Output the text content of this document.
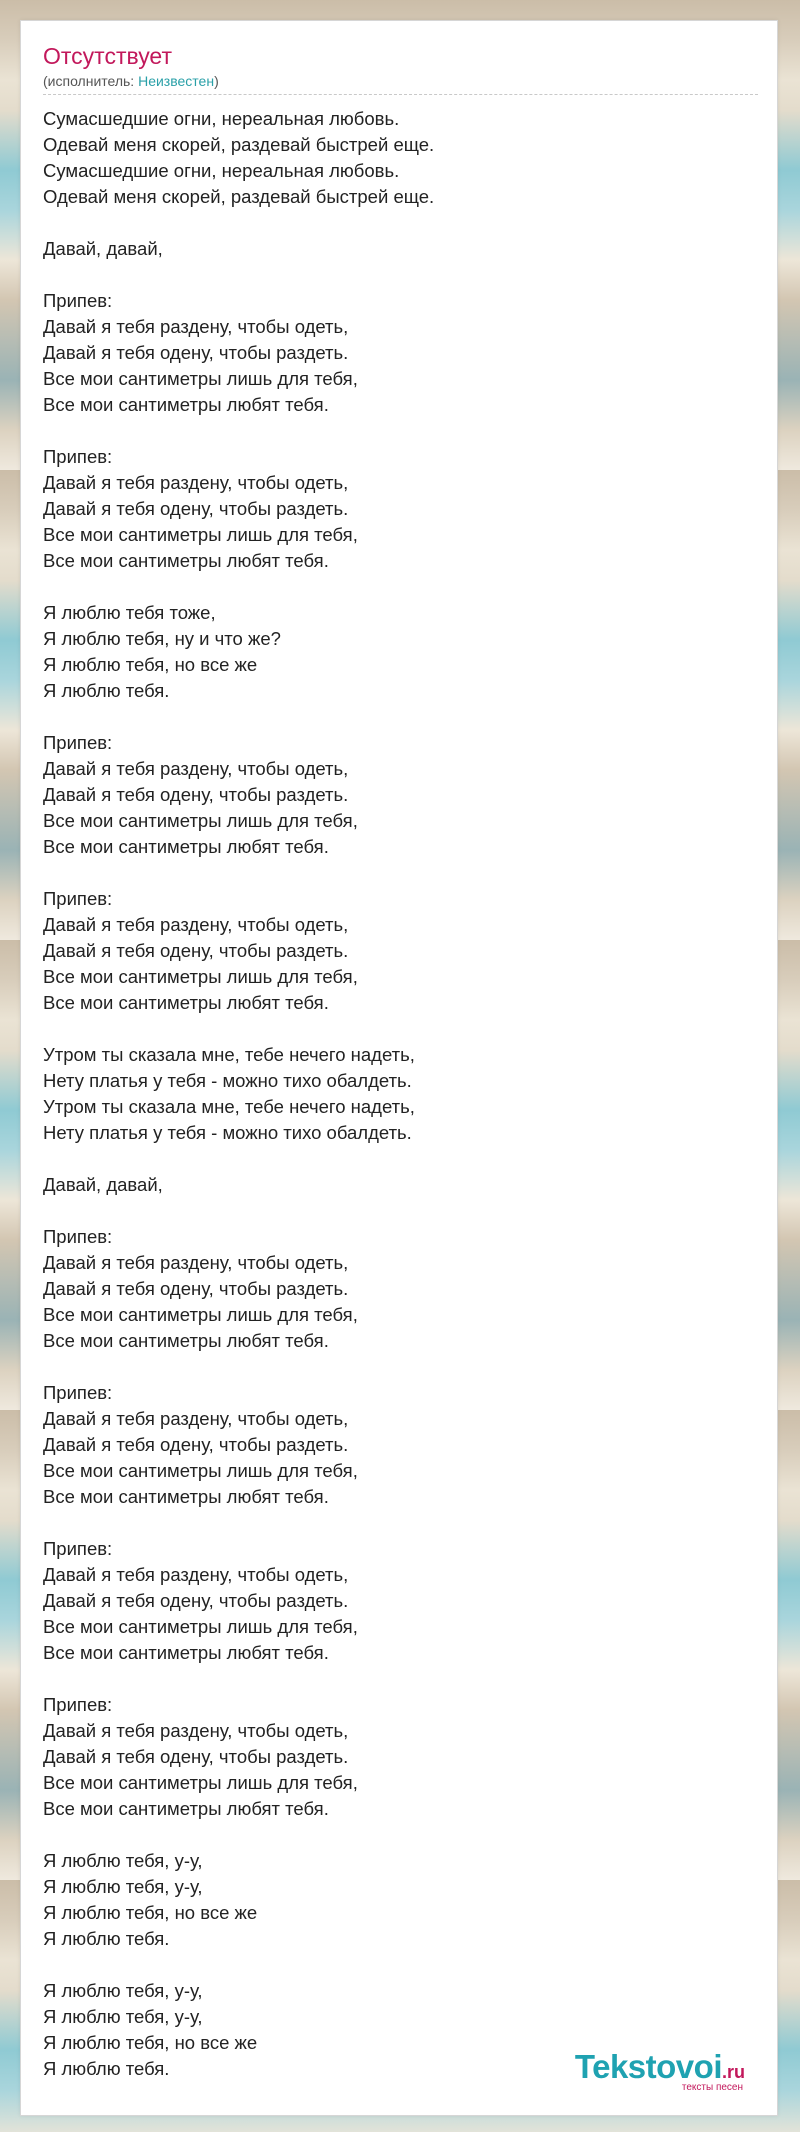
Отсутствует
(исполнитель: Неизвестен)
Сумасшедшие огни, нереальная любовь.
Одевай меня скорей, раздевай быстрей еще.
Сумасшедшие огни, нереальная любовь.
Одевай меня скорей, раздевай быстрей еще.
Давай, давай,
Припев:
Давай я тебя раздену, чтобы одеть,
Давай я тебя одену, чтобы раздеть.
Все мои сантиметры лишь для тебя,
Все мои сантиметры любят тебя.
Припев:
Давай я тебя раздену, чтобы одеть,
Давай я тебя одену, чтобы раздеть.
Все мои сантиметры лишь для тебя,
Все мои сантиметры любят тебя.
Я люблю тебя тоже,
Я люблю тебя, ну и что же?
Я люблю тебя, но все же
Я люблю тебя.
Припев:
Давай я тебя раздену, чтобы одеть,
Давай я тебя одену, чтобы раздеть.
Все мои сантиметры лишь для тебя,
Все мои сантиметры любят тебя.
Припев:
Давай я тебя раздену, чтобы одеть,
Давай я тебя одену, чтобы раздеть.
Все мои сантиметры лишь для тебя,
Все мои сантиметры любят тебя.
Утром ты сказала мне, тебе нечего надеть,
Нету платья у тебя - можно тихо обалдеть.
Утром ты сказала мне, тебе нечего надеть,
Нету платья у тебя - можно тихо обалдеть.
Давай, давай,
Припев:
Давай я тебя раздену, чтобы одеть,
Давай я тебя одену, чтобы раздеть.
Все мои сантиметры лишь для тебя,
Все мои сантиметры любят тебя.
Припев:
Давай я тебя раздену, чтобы одеть,
Давай я тебя одену, чтобы раздеть.
Все мои сантиметры лишь для тебя,
Все мои сантиметры любят тебя.
Припев:
Давай я тебя раздену, чтобы одеть,
Давай я тебя одену, чтобы раздеть.
Все мои сантиметры лишь для тебя,
Все мои сантиметры любят тебя.
Припев:
Давай я тебя раздену, чтобы одеть,
Давай я тебя одену, чтобы раздеть.
Все мои сантиметры лишь для тебя,
Все мои сантиметры любят тебя.
Я люблю тебя, у-у,
Я люблю тебя, у-у,
Я люблю тебя, но все же
Я люблю тебя.
Я люблю тебя, у-у,
Я люблю тебя, у-у,
Я люблю тебя, но все же
Я люблю тебя.	Tekstovoi.ru
тексты песен
